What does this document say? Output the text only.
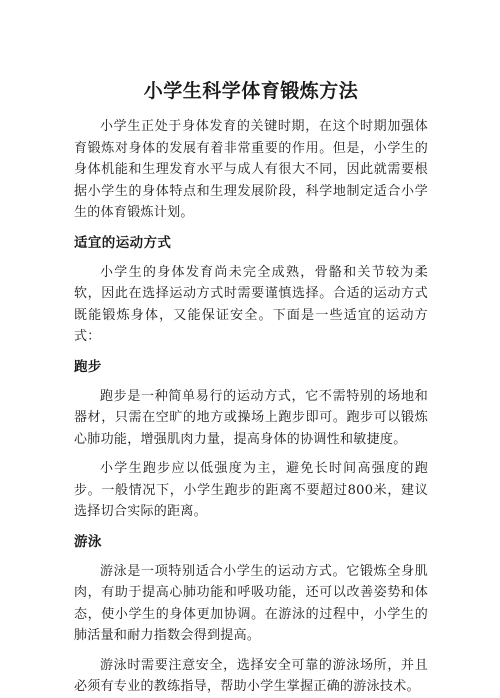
小学生科学体育锻炼方法

小学生正处于身体发育的关键时期，在这个时期加强体育锻炼对身体的发展有着非常重要的作用。但是，小学生的身体机能和生理发育水平与成人有很大不同，因此就需要根据小学生的身体特点和生理发展阶段，科学地制定适合小学生的体育锻炼计划。

适宜的运动方式

小学生的身体发育尚未完全成熟，骨骼和关节较为柔软，因此在选择运动方式时需要谨慎选择。合适的运动方式既能锻炼身体，又能保证安全。下面是一些适宜的运动方式：

跑步

跑步是一种简单易行的运动方式，它不需特别的场地和器材，只需在空旷的地方或操场上跑步即可。跑步可以锻炼心肺功能，增强肌肉力量，提高身体的协调性和敏捷度。

小学生跑步应以低强度为主，避免长时间高强度的跑步。一般情况下，小学生跑步的距离不要超过800米，建议选择切合实际的距离。

游泳

游泳是一项特别适合小学生的运动方式。它锻炼全身肌肉，有助于提高心肺功能和呼吸功能，还可以改善姿势和体态，使小学生的身体更加协调。在游泳的过程中，小学生的肺活量和耐力指数会得到提高。

游泳时需要注意安全，选择安全可靠的游泳场所，并且必须有专业的教练指导，帮助小学生掌握正确的游泳技术。
